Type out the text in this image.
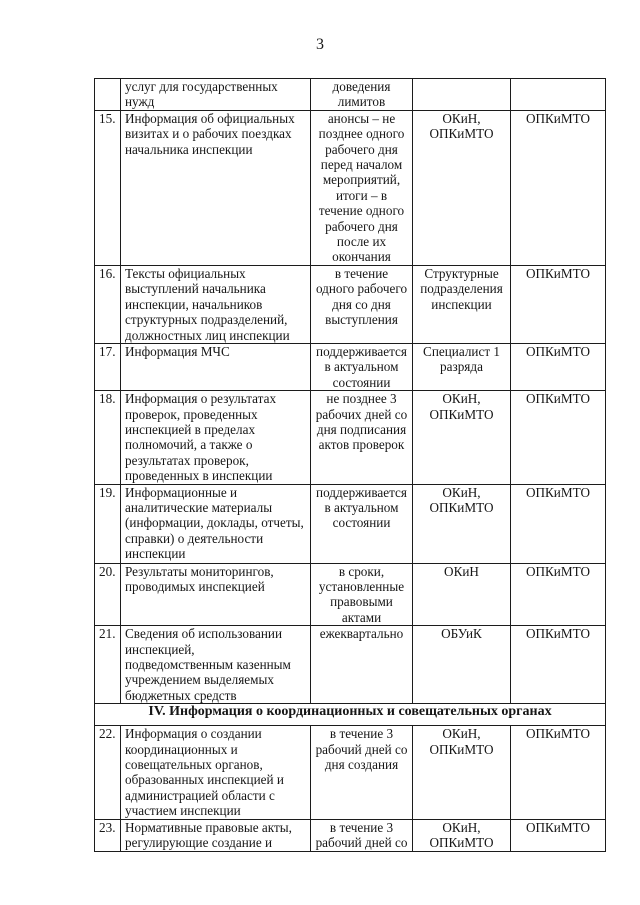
3
	услуг для государственных нужд	доведения лимитов		
15.	Информация об официальных визитах и о рабочих поездках начальника инспекции	анонсы – не позднее одного рабочего дня перед началом мероприятий, итоги – в течение одного рабочего дня после их окончания	ОКиН, ОПКиМТО	ОПКиМТО
16.	Тексты официальных выступлений начальника инспекции, начальников структурных подразделений, должностных лиц инспекции	в течение одного рабочего дня со дня выступления	Структурные подразделения инспекции	ОПКиМТО
17.	Информация МЧС	поддерживается в актуальном состоянии	Специалист 1 разряда	ОПКиМТО
18.	Информация о результатах проверок, проведенных инспекцией в пределах полномочий, а также о результатах проверок, проведенных в инспекции	не позднее 3 рабочих дней со дня подписания актов проверок	ОКиН, ОПКиМТО	ОПКиМТО
19.	Информационные и аналитические материалы (информации, доклады, отчеты, справки) о деятельности инспекции	поддерживается в актуальном состоянии	ОКиН, ОПКиМТО	ОПКиМТО
20.	Результаты мониторингов, проводимых инспекцией	в сроки, установленные правовыми актами	ОКиН	ОПКиМТО
21.	Сведения об использовании инспекцией, подведомственным казенным учреждением выделяемых бюджетных средств	ежеквартально	ОБУиК	ОПКиМТО
IV. Информация о координационных и совещательных органах				
22.	Информация о создании координационных и совещательных органов, образованных инспекцией и администрацией области с участием инспекции	в течение 3 рабочий дней со дня создания	ОКиН, ОПКиМТО	ОПКиМТО
23.	Нормативные правовые акты, регулирующие создание и	в течение 3 рабочий дней со	ОКиН, ОПКиМТО	ОПКиМТО
